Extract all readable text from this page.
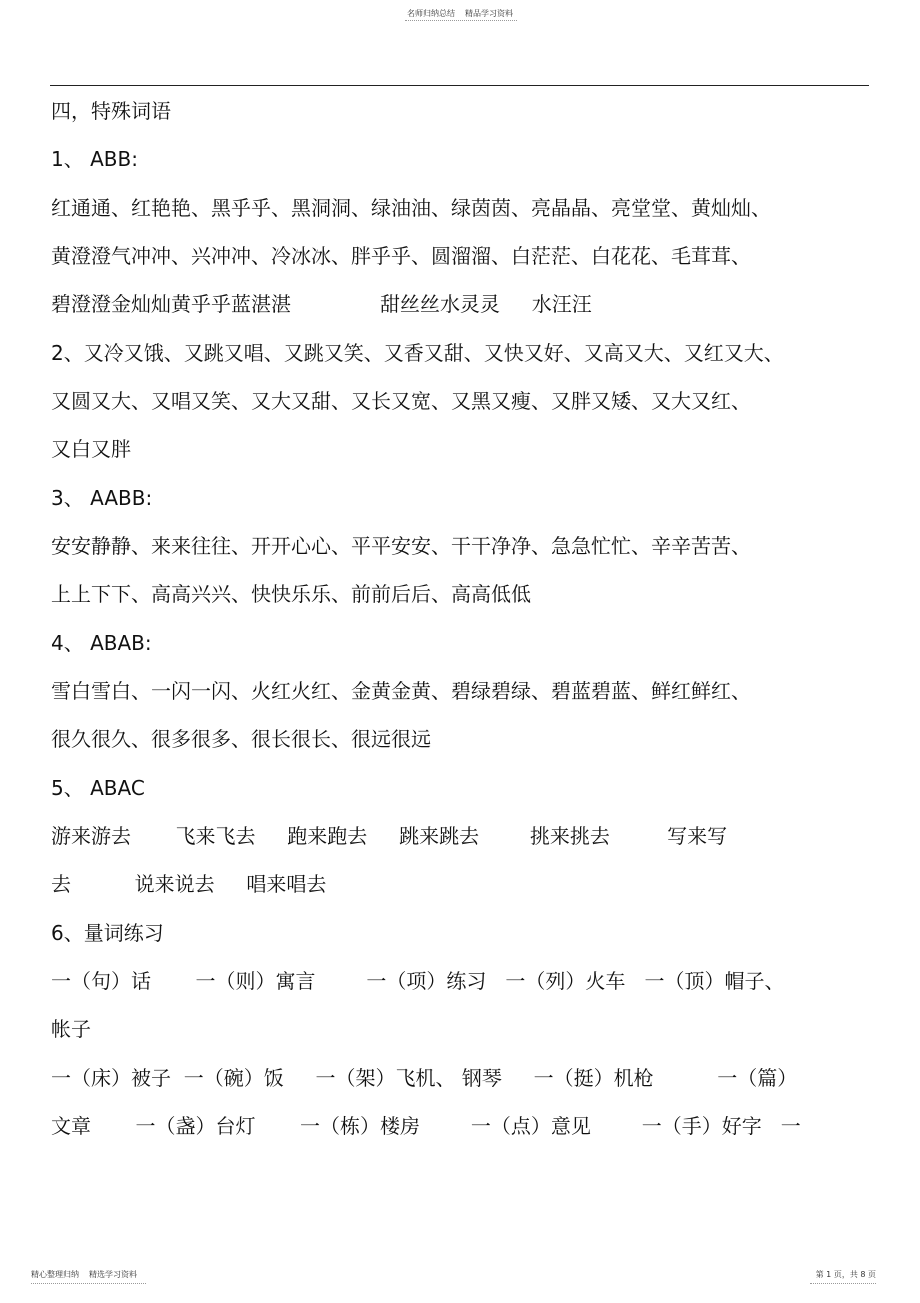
名师归纳总结 精品学习资料
四，特殊词语
1、 ABB:
红通通、红艳艳、黑乎乎、黑洞洞、绿油油、绿茵茵、亮晶晶、亮堂堂、黄灿灿、
黄澄澄气冲冲、兴冲冲、冷冰冰、胖乎乎、圆溜溜、白茫茫、白花花、毛茸茸、
碧澄澄金灿灿黄乎乎蓝湛湛              甜丝丝水灵灵     水汪汪
2、又冷又饿、又跳又唱、又跳又笑、又香又甜、又快又好、又高又大、又红又大、
又圆又大、又唱又笑、又大又甜、又长又宽、又黑又瘦、又胖又矮、又大又红、
又白又胖
3、 AABB:
安安静静、来来往往、开开心心、平平安安、干干净净、急急忙忙、辛辛苦苦、
上上下下、高高兴兴、快快乐乐、前前后后、高高低低
4、 ABAB:
雪白雪白、一闪一闪、火红火红、金黄金黄、碧绿碧绿、碧蓝碧蓝、鲜红鲜红、
很久很久、很多很多、很长很长、很远很远
5、 ABAC
游来游去       飞来飞去     跑来跑去     跳来跳去        挑来挑去         写来写
去          说来说去     唱来唱去
6、量词练习
一（句）话       一（则）寓言        一（项）练习   一（列）火车   一（顶）帽子、
帐子
一（床）被子  一（碗）饭     一（架）飞机、 钢琴     一（挺）机枪          一（篇）
文章       一（盏）台灯       一（栋）楼房        一（点）意见        一（手）好字   一
精心整理归纳 精选学习资料	第 1 页，共 8 页
